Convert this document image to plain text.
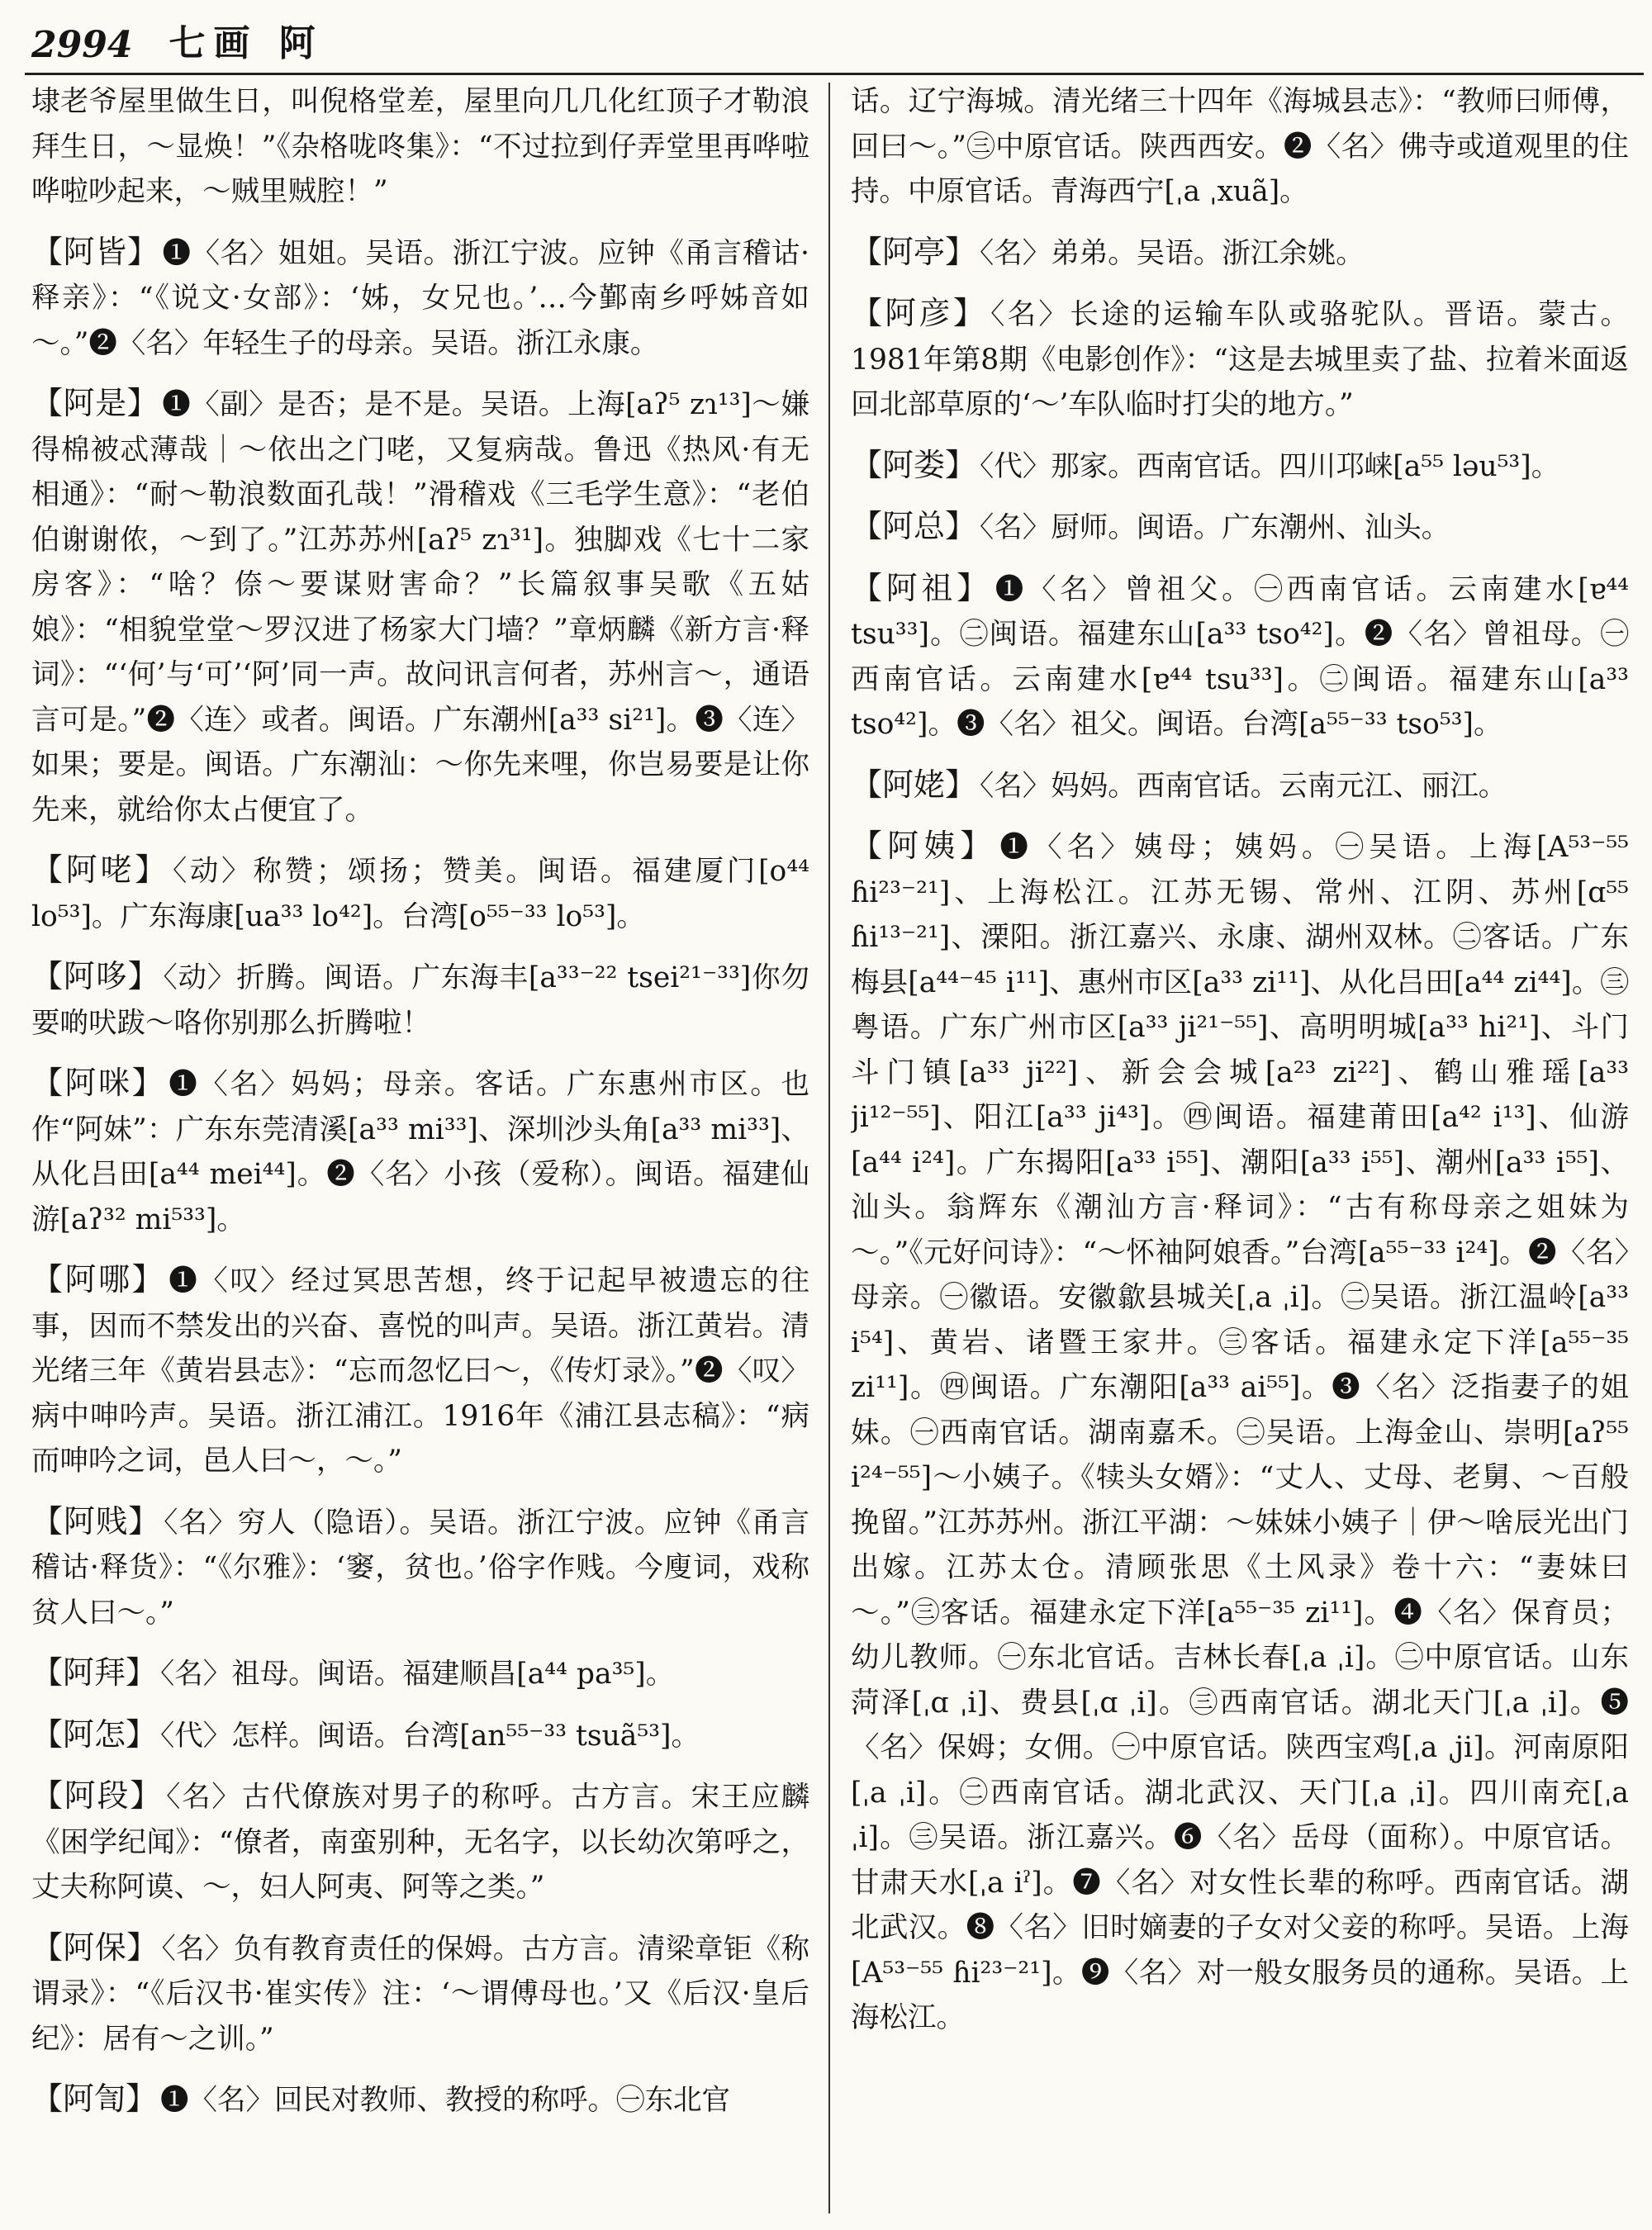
2994 七画 阿
埭老爷屋里做生日，叫倪格堂差，屋里向几几化红顶子才勒浪拜生日，～显焕！”《杂格咙咚集》：“不过拉到仔弄堂里再哗啦哗啦吵起来，～贼里贼腔！”
【阿皆】 ❶〈名〉姐姐。吴语。浙江宁波。应钟《甬言稽诂·释亲》：“《说文·女部》：‘姊，女兄也。’…今鄞南乡呼姊音如～。”❷〈名〉年轻生子的母亲。吴语。浙江永康。
【阿是】 ❶〈副〉是否；是不是。吴语。上海[aʔ⁵ zɿ¹³]～嫌得棉被忒薄哉｜～依出之门咾，又复病哉。鲁迅《热风·有无相通》：“耐～勒浪数面孔哉！”滑稽戏《三毛学生意》：“老伯伯谢谢侬，～到了。”江苏苏州[aʔ⁵ zɿ³¹]。独脚戏《七十二家房客》：“啥？倷～要谋财害命？”长篇叙事吴歌《五姑娘》：“相貌堂堂～罗汉进了杨家大门墙？”章炳麟《新方言·释词》：“‘何’与‘可’‘阿’同一声。故问讯言何者，苏州言～，通语言可是。”❷〈连〉或者。闽语。广东潮州[a³³ si²¹]。❸〈连〉如果；要是。闽语。广东潮汕：～你先来哩，你岂易要是让你先来，就给你太占便宜了。
【阿咾】 〈动〉称赞；颂扬；赞美。闽语。福建厦门[o⁴⁴ lo⁵³]。广东海康[ua³³ lo⁴²]。台湾[o⁵⁵⁻³³ lo⁵³]。
【阿哆】 〈动〉折腾。闽语。广东海丰[a³³⁻²² tsei²¹⁻³³]你勿要啲吠跋～咯你别那么折腾啦！
【阿咪】 ❶〈名〉妈妈；母亲。客话。广东惠州市区。也作“阿妹”：广东东莞清溪[a³³ mi³³]、深圳沙头角[a³³ mi³³]、从化吕田[a⁴⁴ mei⁴⁴]。❷〈名〉小孩（爱称）。闽语。福建仙游[aʔ³² mi⁵³³]。
【阿哪】 ❶〈叹〉经过冥思苦想，终于记起早被遗忘的往事，因而不禁发出的兴奋、喜悦的叫声。吴语。浙江黄岩。清光绪三年《黄岩县志》：“忘而忽忆曰～，《传灯录》。”❷〈叹〉病中呻吟声。吴语。浙江浦江。1916年《浦江县志稿》：“病而呻吟之词，邑人曰～，～。”
【阿贱】 〈名〉穷人（隐语）。吴语。浙江宁波。应钟《甬言稽诂·释货》：“《尔雅》：‘窭，贫也。’俗字作贱。今廋词，戏称贫人曰～。”
【阿拜】 〈名〉祖母。闽语。福建顺昌[a⁴⁴ pa³⁵]。
【阿怎】 〈代〉怎样。闽语。台湾[an⁵⁵⁻³³ tsuã⁵³]。
【阿段】 〈名〉古代僚族对男子的称呼。古方言。宋王应麟《困学纪闻》：“僚者，南蛮别种，无名字，以长幼次第呼之，丈夫称阿谟、～，妇人阿夷、阿等之类。”
【阿保】 〈名〉负有教育责任的保姆。古方言。清梁章钜《称谓录》：“《后汉书·崔实传》注：‘～谓傅母也。’又《后汉·皇后纪》：居有～之训。”
【阿訇】 ❶〈名〉回民对教师、教授的称呼。㊀东北官
话。辽宁海城。清光绪三十四年《海城县志》：“教师曰师傅，回曰～。”㊂中原官话。陕西西安。❷〈名〉佛寺或道观里的住持。中原官话。青海西宁[ˌa ˌxuã]。
【阿亭】 〈名〉弟弟。吴语。浙江余姚。
【阿彦】 〈名〉长途的运输车队或骆驼队。晋语。蒙古。1981年第8期《电影创作》：“这是去城里卖了盐、拉着米面返回北部草原的‘～’车队临时打尖的地方。”
【阿娄】 〈代〉那家。西南官话。四川邛崃[a⁵⁵ ləu⁵³]。
【阿总】 〈名〉厨师。闽语。广东潮州、汕头。
【阿祖】 ❶〈名〉曾祖父。㊀西南官话。云南建水[ɐ⁴⁴ tsu³³]。㊁闽语。福建东山[a³³ tso⁴²]。❷〈名〉曾祖母。㊀西南官话。云南建水[ɐ⁴⁴ tsu³³]。㊁闽语。福建东山[a³³ tso⁴²]。❸〈名〉祖父。闽语。台湾[a⁵⁵⁻³³ tso⁵³]。
【阿姥】 〈名〉妈妈。西南官话。云南元江、丽江。
【阿姨】 ❶〈名〉姨母；姨妈。㊀吴语。上海[A⁵³⁻⁵⁵ ɦi²³⁻²¹]、上海松江。江苏无锡、常州、江阴、苏州[ɑ⁵⁵ ɦi¹³⁻²¹]、溧阳。浙江嘉兴、永康、湖州双林。㊁客话。广东梅县[a⁴⁴⁻⁴⁵ i¹¹]、惠州市区[a³³ zi¹¹]、从化吕田[a⁴⁴ zi⁴⁴]。㊂粤语。广东广州市区[a³³ ji²¹⁻⁵⁵]、高明明城[a³³ hi²¹]、斗门斗门镇[a³³ ji²²]、新会会城[a²³ zi²²]、鹤山雅瑶[a³³ ji¹²⁻⁵⁵]、阳江[a³³ ji⁴³]。㊃闽语。福建莆田[a⁴² i¹³]、仙游[a⁴⁴ i²⁴]。广东揭阳[a³³ i⁵⁵]、潮阳[a³³ i⁵⁵]、潮州[a³³ i⁵⁵]、汕头。翁辉东《潮汕方言·释词》：“古有称母亲之姐妹为～。”《元好问诗》：“～怀袖阿娘香。”台湾[a⁵⁵⁻³³ i²⁴]。❷〈名〉母亲。㊀徽语。安徽歙县城关[ˌa ˌi]。㊁吴语。浙江温岭[a³³ i⁵⁴]、黄岩、诸暨王家井。㊂客话。福建永定下洋[a⁵⁵⁻³⁵ zi¹¹]。㊃闽语。广东潮阳[a³³ ai⁵⁵]。❸〈名〉泛指妻子的姐妹。㊀西南官话。湖南嘉禾。㊁吴语。上海金山、崇明[aʔ⁵⁵ i²⁴⁻⁵⁵]～小姨子。《犊头女婿》：“丈人、丈母、老舅、～百般挽留。”江苏苏州。浙江平湖：～妹妹小姨子｜伊～啥辰光出门出嫁。江苏太仓。清顾张思《土风录》卷十六：“妻妹曰～。”㊂客话。福建永定下洋[a⁵⁵⁻³⁵ zi¹¹]。❹〈名〉保育员；幼儿教师。㊀东北官话。吉林长春[ˌa ˌi]。㊁中原官话。山东菏泽[ˌɑ ˌi]、费县[ˌɑ ˌi]。㊂西南官话。湖北天门[ˌa ˌi]。❺〈名〉保姆；女佣。㊀中原官话。陕西宝鸡[ˌa ˌji]。河南原阳[ˌa ˌi]。㊁西南官话。湖北武汉、天门[ˌa ˌi]。四川南充[ˌa ˌi]。㊂吴语。浙江嘉兴。❻〈名〉岳母（面称）。中原官话。甘肃天水[ˌa iˀ]。❼〈名〉对女性长辈的称呼。西南官话。湖北武汉。❽〈名〉旧时嫡妻的子女对父妾的称呼。吴语。上海[A⁵³⁻⁵⁵ ɦi²³⁻²¹]。❾〈名〉对一般女服务员的通称。吴语。上海松江。
